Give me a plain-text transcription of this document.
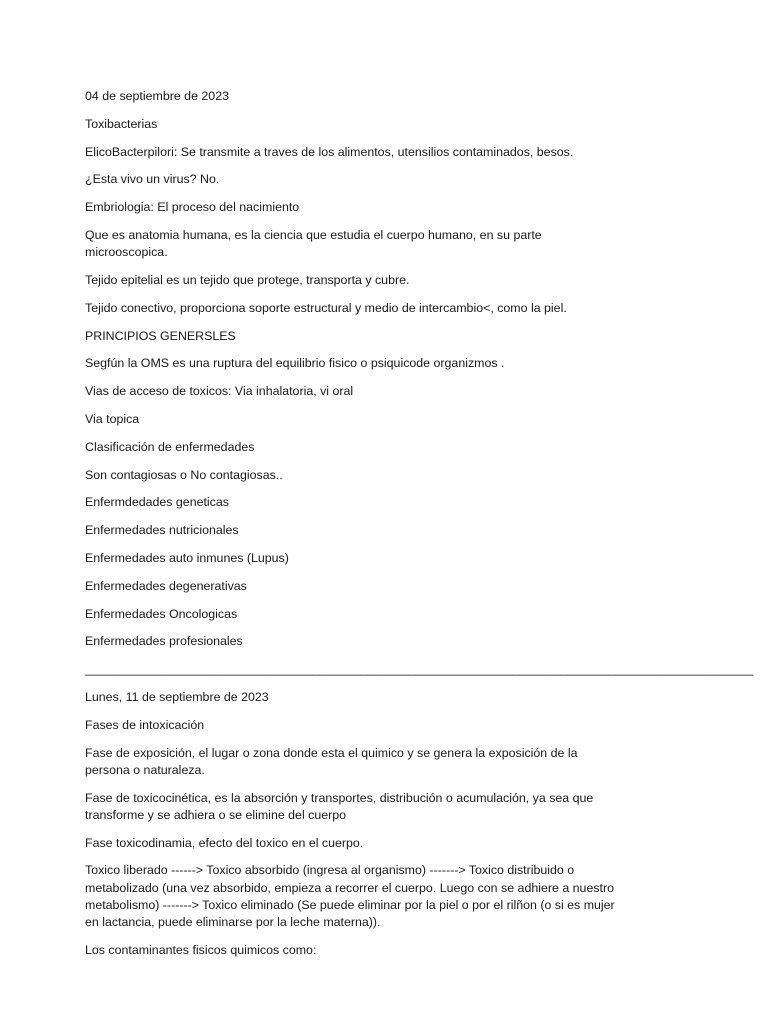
04 de septiembre de 2023

Toxibacterias

ElicoBacterpilori: Se transmite a traves de los alimentos, utensilios contaminados, besos.

¿Esta vivo un virus? No.

Embriologia: El proceso del nacimiento

Que es anatomia humana, es la ciencia que estudia el cuerpo humano, en su parte microoscopica.

Tejido epitelial es un tejido que protege, transporta y cubre.

Tejido conectivo, proporciona soporte estructural y medio de intercambio<, como la piel.

PRINCIPIOS GENERSLES

Segfún la OMS es una ruptura del equilibrio fisico o psiquicode organizmos .

Vias de acceso de toxicos: Via inhalatoria, vi oral

Via topica

Clasificación de enfermedades

Son contagiosas o No contagiosas..

Enfermdedades geneticas

Enfermedades nutricionales

Enfermedades auto inmunes (Lupus)

Enfermedades degenerativas

Enfermedades Oncologicas

Enfermedades profesionales

_________________________________________________________________________________________________

Lunes, 11 de septiembre de 2023

Fases de intoxicación

Fase de exposición, el lugar o zona donde esta el quimico y se genera la exposición de la persona o naturaleza.

Fase de toxicocinética, es la absorción y transportes, distribución o acumulación, ya sea que transforme y se adhiera o se elimine del cuerpo

Fase toxicodinamia, efecto del toxico en el cuerpo.

Toxico liberado ------> Toxico absorbido (ingresa al organismo) -------> Toxico distribuido o metabolizado (una vez absorbido, empieza a recorrer el cuerpo. Luego con se adhiere a nuestro metabolismo) -------> Toxico eliminado (Se puede eliminar por la piel o por el rilñon (o si es mujer en lactancia, puede eliminarse por la leche materna)).

Los contaminantes fisicos quimicos como:
